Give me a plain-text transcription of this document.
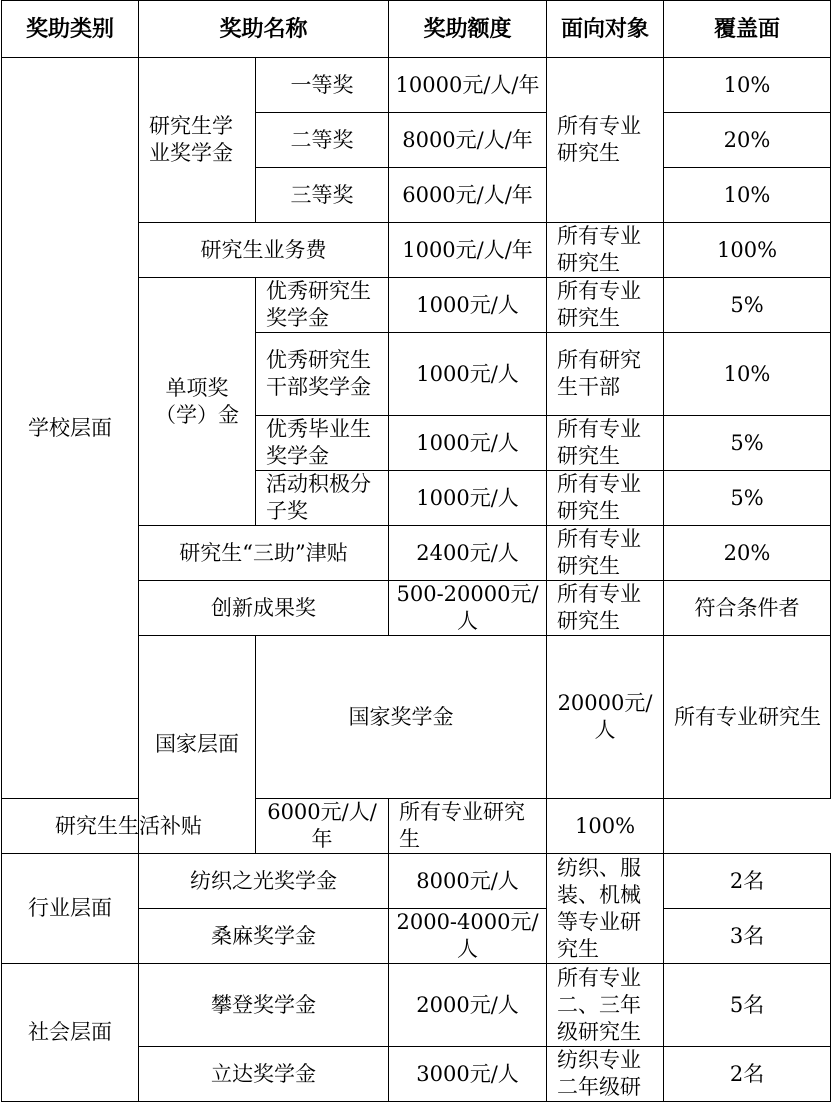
奖助类别	奖助名称		奖助额度	面向对象	覆盖面	
学校层面	研究生学业奖学金	一等奖	10000元/人/年	所有专业研究生	10%	
		二等奖	8000元/人/年		20%	
		三等奖	6000元/人/年		10%	
	研究生业务费		1000元/人/年	所有专业研究生	100%	
	单项奖（学）金	优秀研究生奖学金	1000元/人	所有专业研究生	5%	
		优秀研究生干部奖学金	1000元/人	所有研究生干部	10%	
		优秀毕业生奖学金	1000元/人	所有专业研究生	5%	
		活动积极分子奖	1000元/人	所有专业研究生	5%	
	研究生“三助”津贴		2400元/人	所有专业研究生	20%	
	创新成果奖		500-20000元/人	所有专业研究生	符合条件者	
	国家层面	国家奖学金		20000元/人	所有专业研究生	
研究生生活补贴		6000元/人/年	所有专业研究生	100%		
行业层面	纺织之光奖学金		8000元/人	纺织、服装、机械等专业研究生	2名	
	桑麻奖学金		2000-4000元/人		3名	
社会层面	攀登奖学金		2000元/人	所有专业二、三年级研究生	5名	
	立达奖学金		3000元/人	纺织专业二年级研	2名	
